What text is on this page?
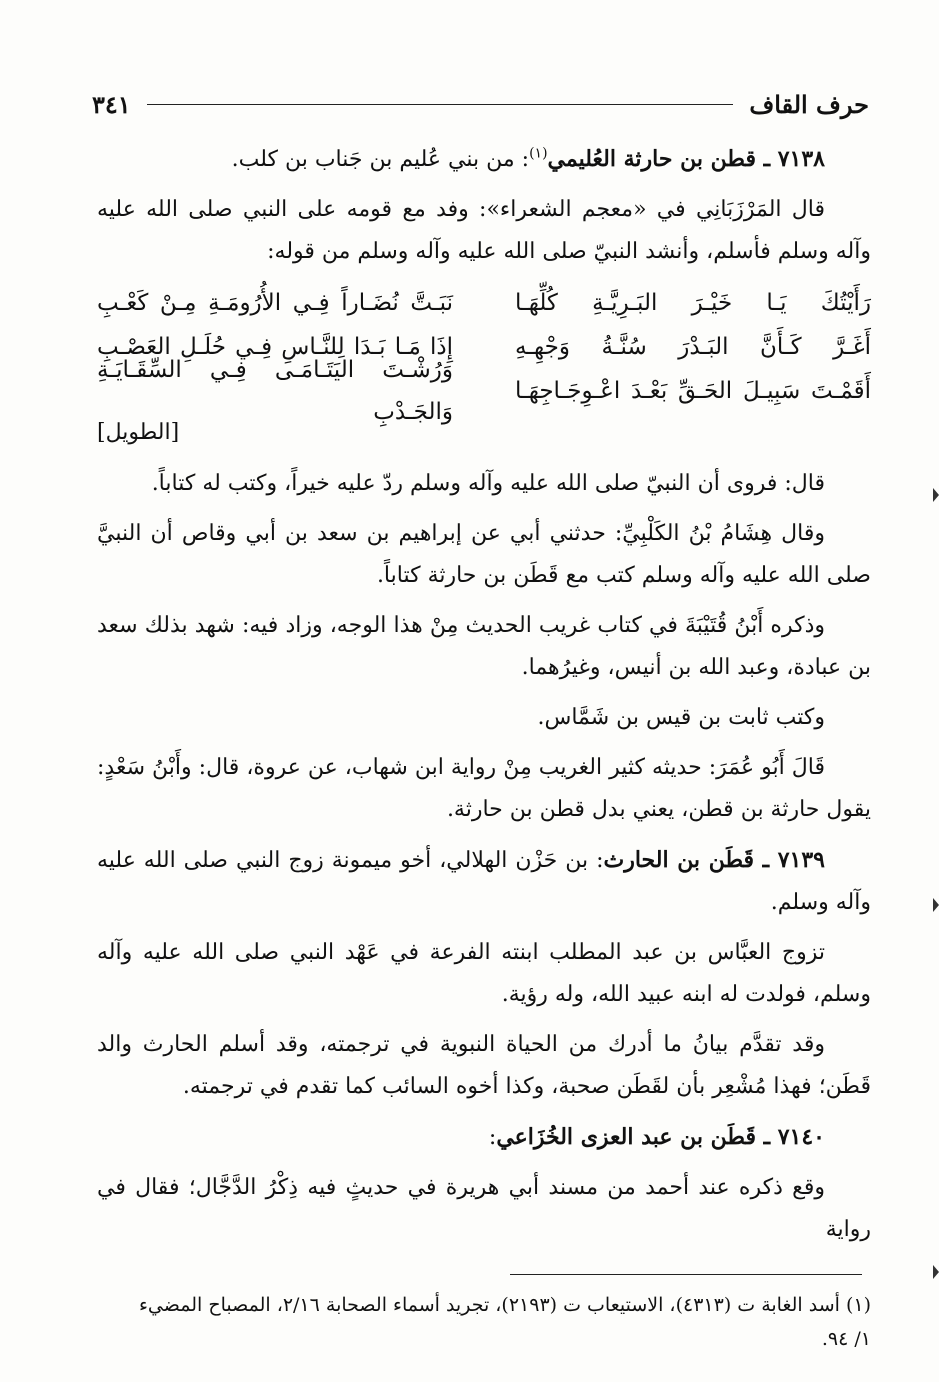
حرف القاف
٣٤١

٧١٣٨ ـ قطن بن حارثة العُليمي$^{(١)}$: من بني عُليم بن جَناب بن كلب.

قال المَرْزَبَانِي في «معجم الشعراء»: وفد مع قومه على النبي صلى الله عليه وآله وسلم فأسلم، وأنشد النبيّ صلى الله عليه وآله وسلم من قوله:

رَأَيْتُكَ يَـا خَيْـرَ البَـرِيَّـةِ كُلِّهَـا
نَبَـتَّ نُضَـاراً فِـي الأُرُومَـةِ مِـنْ كَعْـبِ
أَغَـرَّ كَـأَنَّ البَـدْرَ سُنَّـةُ وَجْهِـهِ
إِذَا مَـا بَـدَا لِلنَّـاسِ فِـي حُلَـلِ العَصْـبِ
أَقَمْـتَ سَبِيـلَ الحَـقِّ بَعْـدَ اعْـوِجَـاجِهَـا
وَرُشْـتَ اليَتَـامَـى فِـي السِّقَـايَـةِ وَالجَـدْبِ
[الطويل]

قال: فروى أن النبيّ صلى الله عليه وآله وسلم ردّ عليه خيراً، وكتب له كتاباً.

وقال هِشَامُ بْنُ الكَلْبِيِّ: حدثني أبي عن إبراهيم بن سعد بن أبي وقاص أن النبيَّ صلى الله عليه وآله وسلم كتب مع قَطَن بن حارثة كتاباً.

وذكره أَبْنُ قُتَيْبَةَ في كتاب غريب الحديث مِنْ هذا الوجه، وزاد فيه: شهد بذلك سعد بن عبادة، وعبد الله بن أنيس، وغيرُهما.

وكتب ثابت بن قيس بن شَمَّاس.

قَالَ أَبُو عُمَرَ: حديثه كثير الغريب مِنْ رواية ابن شهاب، عن عروة، قال: وأَبْنُ سَعْدٍ: يقول حارثة بن قطن، يعني بدل قطن بن حارثة.

٧١٣٩ ـ قَطَن بن الحارث: بن حَزْن الهلالي، أخو ميمونة زوج النبي صلى الله عليه وآله وسلم.

تزوج العبَّاس بن عبد المطلب ابنته الفرعة في عَهْد النبي صلى الله عليه وآله وسلم، فولدت له ابنه عبيد الله، وله رؤية.

وقد تقدَّم بيانُ ما أدرك من الحياة النبوية في ترجمته، وقد أسلم الحارث والد قَطَن؛ فهذا مُشْعِر بأن لقَطَن صحبة، وكذا أخوه السائب كما تقدم في ترجمته.

٧١٤٠ ـ قَطَن بن عبد العزى الخُزَاعي:

وقع ذكره عند أحمد من مسند أبي هريرة في حديثٍ فيه ذِكْرُ الدَّجَّال؛ فقال في رواية

(١) أسد الغابة ت (٤٣١٣)، الاستيعاب ت (٢١٩٣)، تجريد أسماء الصحابة ٢/١٦، المصباح المضيء

١/ ٩٤.
